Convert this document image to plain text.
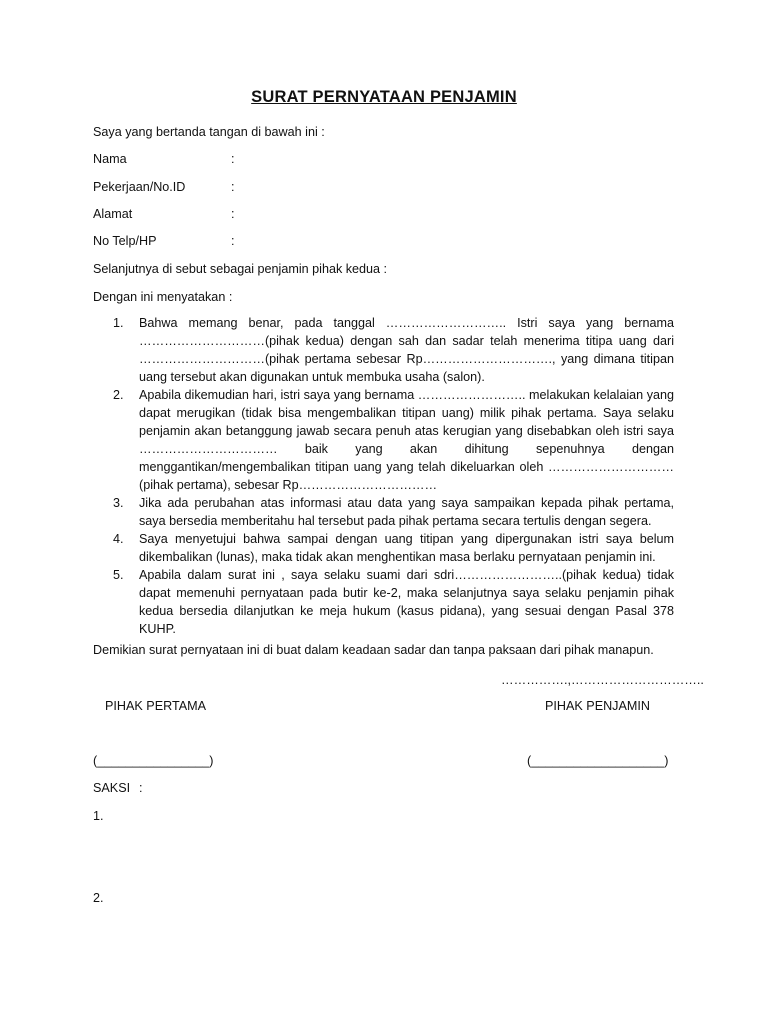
SURAT PERNYATAAN PENJAMIN
Saya yang bertanda tangan di bawah ini :
Nama	:
Pekerjaan/No.ID	:
Alamat	:
No Telp/HP	:
Selanjutnya di sebut sebagai penjamin pihak kedua :
Dengan ini menyatakan :
1.	Bahwa memang benar, pada tanggal ……………………….. Istri saya yang bernama …………………………(pihak kedua) dengan sah dan sadar telah menerima titipa uang dari …………………………(pihak pertama sebesar Rp…………………………., yang dimana titipan uang tersebut akan digunakan untuk membuka usaha (salon).
2.	Apabila dikemudian hari, istri saya yang bernama …………………….. melakukan kelalaian yang dapat merugikan (tidak bisa mengembalikan titipan uang) milik pihak pertama. Saya selaku penjamin akan betanggung jawab secara penuh atas kerugian yang disebabkan oleh istri saya …………………………… baik yang akan dihitung sepenuhnya dengan menggantikan/mengembalikan titipan uang yang telah dikeluarkan oleh ………………………… (pihak pertama), sebesar Rp……………………………
3.	Jika ada perubahan atas informasi atau data yang saya sampaikan kepada pihak pertama, saya bersedia memberitahu hal tersebut pada pihak pertama secara tertulis dengan segera.
4.	Saya menyetujui bahwa sampai dengan uang titipan yang dipergunakan istri saya belum dikembalikan (lunas), maka tidak akan menghentikan masa berlaku pernyataan penjamin ini.
5.	Apabila dalam surat ini , saya selaku suami dari sdri……………………..(pihak kedua) tidak dapat memenuhi pernyataan pada butir ke-2, maka selanjutnya saya selaku penjamin pihak kedua bersedia dilanjutkan ke meja hukum (kasus pidana), yang sesuai dengan Pasal 378 KUHP.
Demikian surat pernyataan ini di buat dalam keadaan sadar dan tanpa paksaan dari pihak manapun.
…………….,…………………………..
PIHAK PERTAMA	PIHAK PENJAMIN
(________________)	(___________________)
SAKSI :
1.
2.
